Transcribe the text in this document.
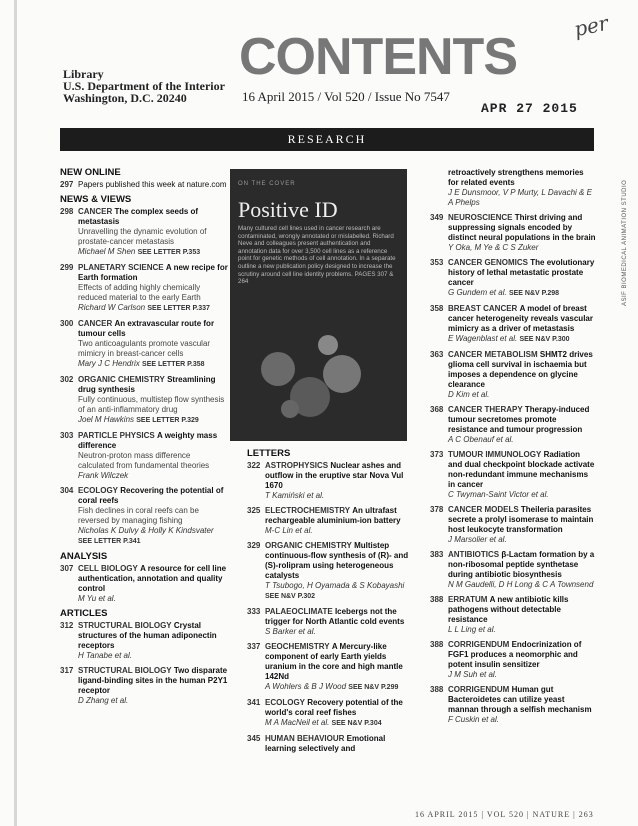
CONTENTS
per
Library
U.S. Department of the Interior
Washington, D.C. 20240	16 April 2015 / Vol 520 / Issue No 7547
APR 27 2015
RESEARCH
NEW ONLINE
297 Papers published this week at nature.com
NEWS & VIEWS
298 CANCER The complex seeds of metastasis
Unravelling the dynamic evolution of prostate-cancer metastasis
Michael M Shen SEE LETTER P.353
299 PLANETARY SCIENCE A new recipe for Earth formation
Effects of adding highly chemically reduced material to the early Earth
Richard W Carlson SEE LETTER P.337
300 CANCER An extravascular route for tumour cells
Two anticoagulants promote vascular mimicry in breast-cancer cells
Mary J C Hendrix SEE LETTER P.358
302 ORGANIC CHEMISTRY Streamlining drug synthesis
Fully continuous, multistep flow synthesis of an anti-inflammatory drug
Joel M Hawkins SEE LETTER P.329
303 PARTICLE PHYSICS A weighty mass difference
Neutron-proton mass difference calculated from fundamental theories
Frank Wilczek
304 ECOLOGY Recovering the potential of coral reefs
Fish declines in coral reefs can be reversed by managing fishing
Nicholas K Dulvy & Holly K Kindsvater SEE LETTER P.341
ANALYSIS
307 CELL BIOLOGY A resource for cell line authentication, annotation and quality control
M Yu et al.
ARTICLES
312 STRUCTURAL BIOLOGY Crystal structures of the human adiponectin receptors
H Tanabe et al.
317 STRUCTURAL BIOLOGY Two disparate ligand-binding sites in the human P2Y1 receptor
D Zhang et al.
ON THE COVER
Positive ID
Many cultured cell lines used in cancer research are contaminated, wrongly annotated or mislabelled. Richard Neve and colleagues present authentication and annotation data for over 3,500 cell lines as a reference point for genetic methods of cell annotation. In a separate outline a new publication policy designed to increase the scrutiny around cell line identity problems. PAGES 307 & 264
LETTERS
322 ASTROPHYSICS Nuclear ashes and outflow in the eruptive star Nova Vul 1670
T Kamiński et al.
325 ELECTROCHEMISTRY An ultrafast rechargeable aluminium-ion battery
M-C Lin et al.
329 ORGANIC CHEMISTRY Multistep continuous-flow synthesis of (R)- and (S)-rolipram using heterogeneous catalysts
T Tsubogo, H Oyamada & S Kobayashi SEE N&V P.302
333 PALAEOCLIMATE Icebergs not the trigger for North Atlantic cold events
S Barker et al.
337 GEOCHEMISTRY A Mercury-like component of early Earth yields uranium in the core and high mantle 142Nd
A Wohlers & B J Wood SEE N&V P.299
341 ECOLOGY Recovery potential of the world's coral reef fishes
M A MacNeil et al. SEE N&V P.304
345 HUMAN BEHAVIOUR Emotional learning selectively and
retroactively strengthens memories for related events
J E Dunsmoor, V P Murty, L Davachi & E A Phelps
349 NEUROSCIENCE Thirst driving and suppressing signals encoded by distinct neural populations in the brain
Y Oka, M Ye & C S Zuker
353 CANCER GENOMICS The evolutionary history of lethal metastatic prostate cancer
G Gundem et al. SEE N&V P.298
358 BREAST CANCER A model of breast cancer heterogeneity reveals vascular mimicry as a driver of metastasis
E Wagenblast et al. SEE N&V P.300
363 CANCER METABOLISM SHMT2 drives glioma cell survival in ischaemia but imposes a dependence on glycine clearance
D Kim et al.
368 CANCER THERAPY Therapy-induced tumour secretomes promote resistance and tumour progression
A C Obenauf et al.
373 TUMOUR IMMUNOLOGY Radiation and dual checkpoint blockade activate non-redundant immune mechanisms in cancer
C Twyman-Saint Victor et al.
378 CANCER MODELS Theileria parasites secrete a prolyl isomerase to maintain host leukocyte transformation
J Marsolier et al.
383 ANTIBIOTICS β-Lactam formation by a non-ribosomal peptide synthetase during antibiotic biosynthesis
N M Gaudelli, D H Long & C A Townsend
388 ERRATUM A new antibiotic kills pathogens without detectable resistance
L L Ling et al.
388 CORRIGENDUM Endocrinization of FGF1 produces a neomorphic and potent insulin sensitizer
J M Suh et al.
388 CORRIGENDUM Human gut Bacteroidetes can utilize yeast mannan through a selfish mechanism
F Cuskin et al.
ASIF BIOMEDICAL ANIMATION STUDIO
16 APRIL 2015 | VOL 520 | NATURE | 263
